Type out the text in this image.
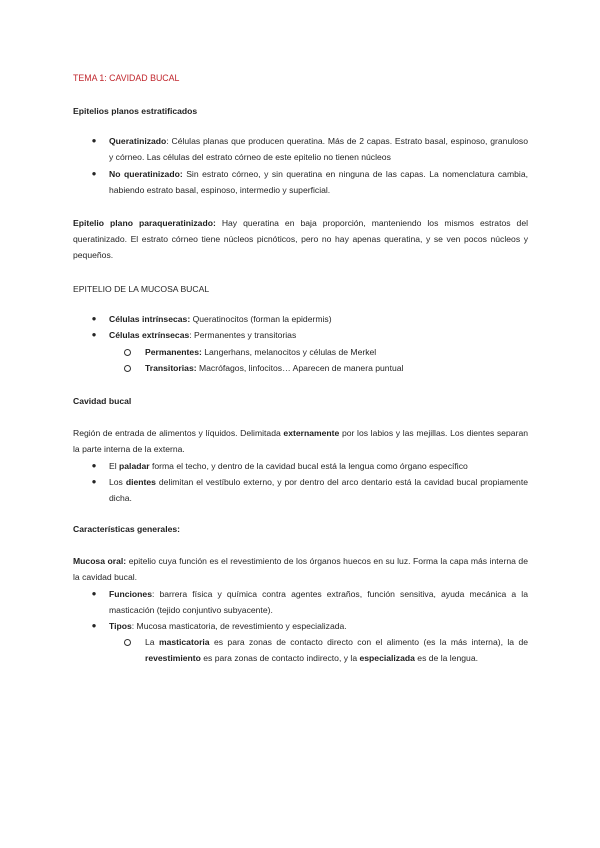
TEMA 1: CAVIDAD BUCAL

Epitelios planos estratificados

● Queratinizado: Células planas que producen queratina. Más de 2 capas. Estrato basal, espinoso, granuloso y córneo. Las células del estrato córneo de este epitelio no tienen núcleos
● No queratinizado: Sin estrato córneo, y sin queratina en ninguna de las capas. La nomenclatura cambia, habiendo estrato basal, espinoso, intermedio y superficial.

Epitelio plano paraqueratinizado: Hay queratina en baja proporción, manteniendo los mismos estratos del queratinizado. El estrato córneo tiene núcleos picnóticos, pero no hay apenas queratina, y se ven pocos núcleos y pequeños.

EPITELIO DE LA MUCOSA BUCAL

● Células intrínsecas: Queratinocitos (forman la epidermis)
● Células extrínsecas: Permanentes y transitorias
Permanentes: Langerhans, melanocitos y células de Merkel
Transitorias: Macrófagos, linfocitos… Aparecen de manera puntual

Cavidad bucal

Región de entrada de alimentos y líquidos. Delimitada externamente por los labios y las mejillas. Los dientes separan la parte interna de la externa.

● El paladar forma el techo, y dentro de la cavidad bucal está la lengua como órgano específico
● Los dientes delimitan el vestíbulo externo, y por dentro del arco dentario está la cavidad bucal propiamente dicha.

Características generales:

Mucosa oral: epitelio cuya función es el revestimiento de los órganos huecos en su luz. Forma la capa más interna de la cavidad bucal.

● Funciones: barrera física y química contra agentes extraños, función sensitiva, ayuda mecánica a la masticación (tejido conjuntivo subyacente).
● Tipos: Mucosa masticatoria, de revestimiento y especializada.
La masticatoria es para zonas de contacto directo con el alimento (es la más interna), la de revestimiento es para zonas de contacto indirecto, y la especializada es de la lengua.
